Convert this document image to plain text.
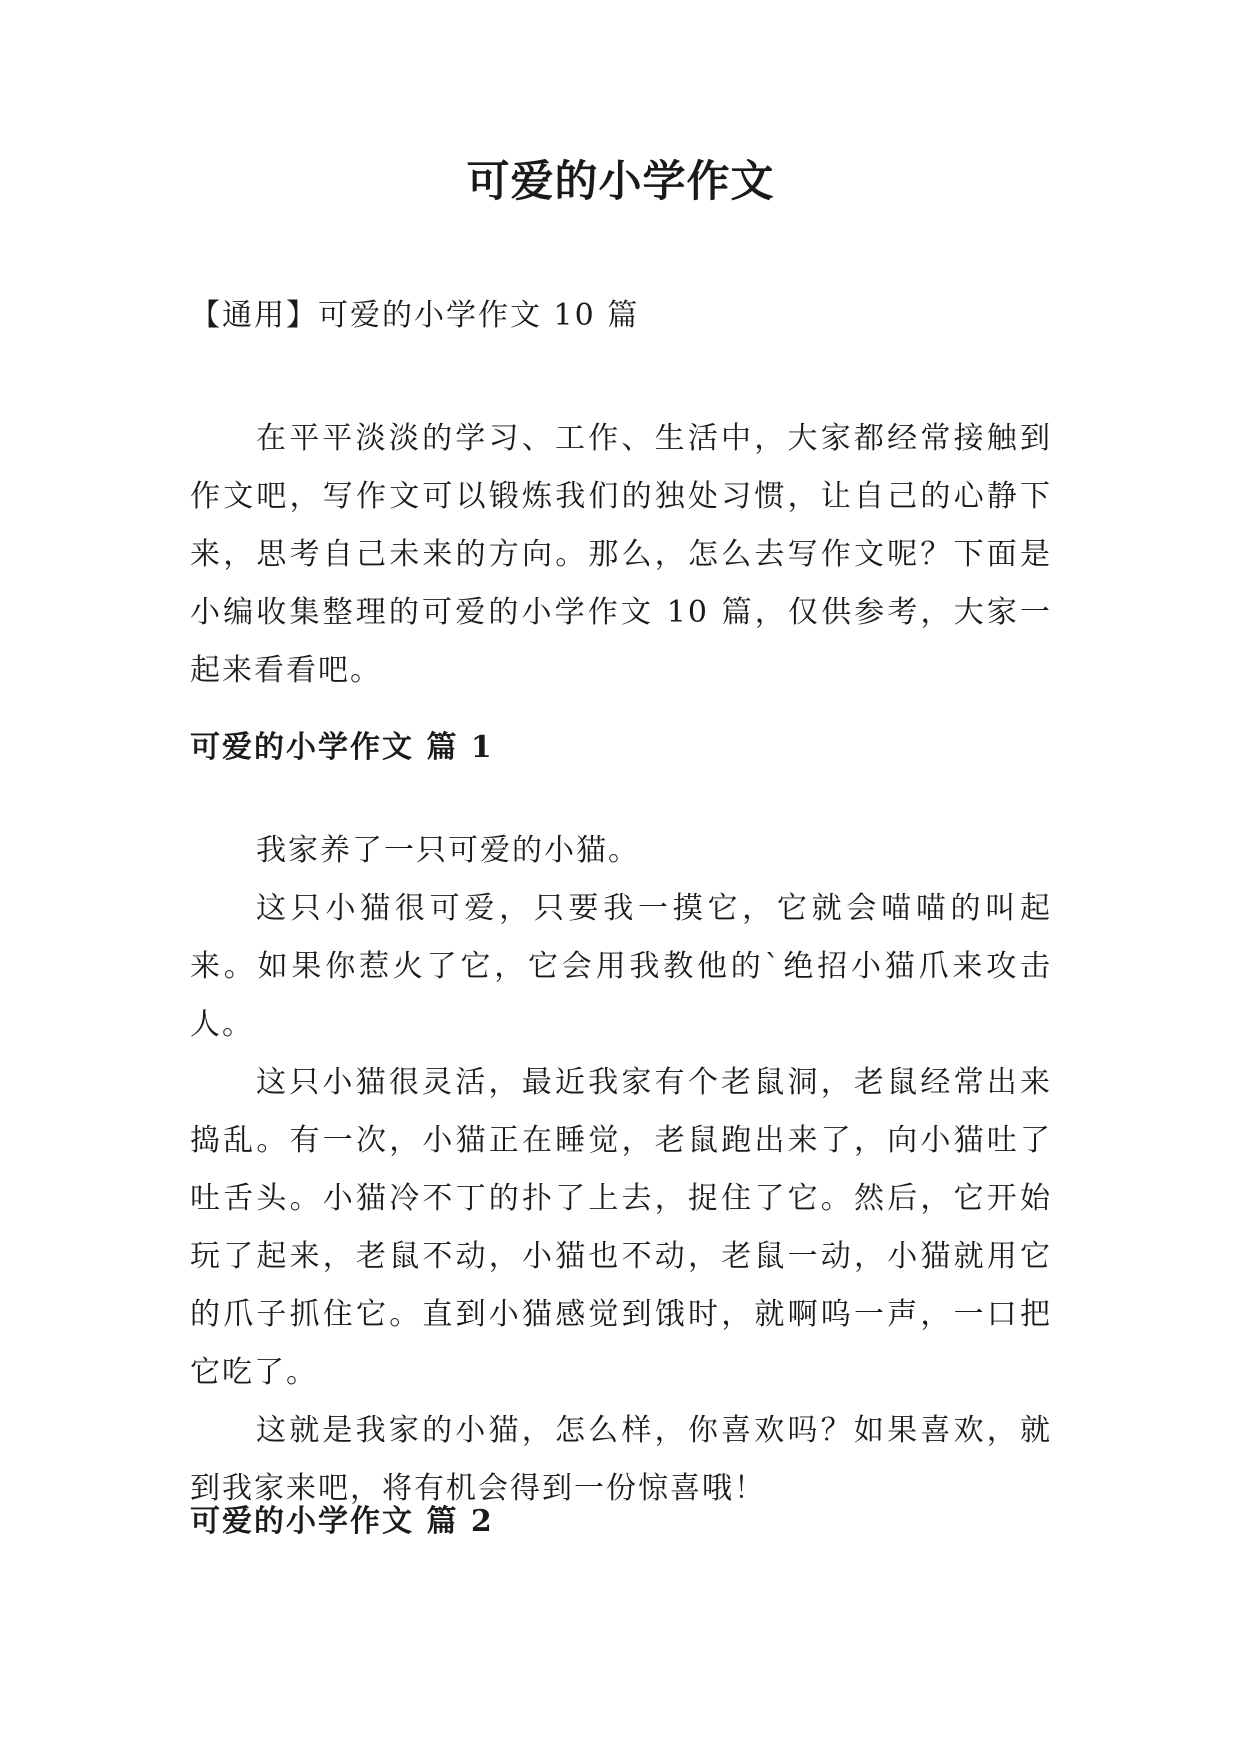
可爱的小学作文

【通用】可爱的小学作文 10 篇

在平平淡淡的学习、工作、生活中，大家都经常接触到作文吧，写作文可以锻炼我们的独处习惯，让自己的心静下来，思考自己未来的方向。那么，怎么去写作文呢？下面是小编收集整理的可爱的小学作文 10 篇，仅供参考，大家一起来看看吧。

可爱的小学作文 篇 1

我家养了一只可爱的小猫。

这只小猫很可爱，只要我一摸它，它就会喵喵的叫起来。如果你惹火了它，它会用我教他的`绝招小猫爪来攻击人。

这只小猫很灵活，最近我家有个老鼠洞，老鼠经常出来捣乱。有一次，小猫正在睡觉，老鼠跑出来了，向小猫吐了吐舌头。小猫冷不丁的扑了上去，捉住了它。然后，它开始玩了起来，老鼠不动，小猫也不动，老鼠一动，小猫就用它的爪子抓住它。直到小猫感觉到饿时，就啊呜一声，一口把它吃了。

这就是我家的小猫，怎么样，你喜欢吗？如果喜欢，就到我家来吧，将有机会得到一份惊喜哦！

可爱的小学作文 篇 2
